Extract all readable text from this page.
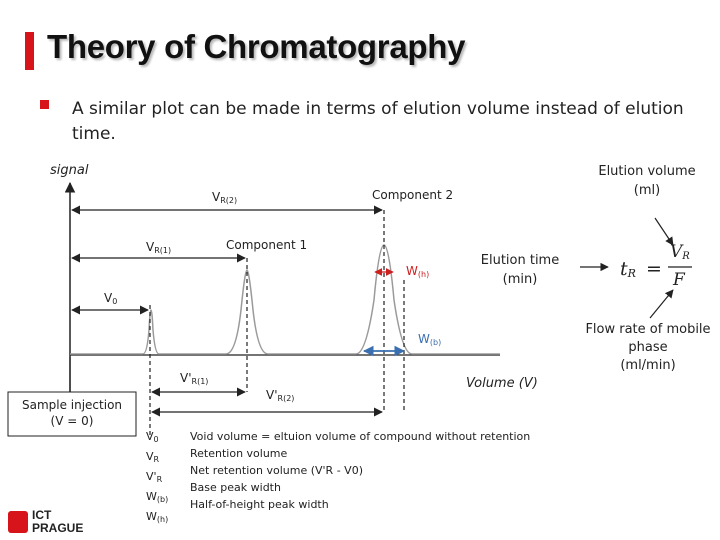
Theory of Chromatography
A similar plot can be made in terms of elution volume instead of elution time.
signal
Volume (V)
Component 2
Component 1
$V_{R(2)}$
$V_{R(1)}$
$V_0$
$V'_{R(1)}$
$V'_{R(2)}$
$W_{(h)}$
$W_{(b)}$
Sample injection
(V = 0)
$V_0$
$V_R$
$V'_R$
$W_{(b)}$
$W_{(h)}$
Void volume = eltuion volume of compound without retention
Retention volume
Net retention volume (V'R - V0)
Base peak width
Half-of-height peak width
Elution volume
(ml)
Elution time
(min)
Flow rate of mobile
phase
(ml/min)
tR =
$V_R$
F
ICT
PRAGUE
